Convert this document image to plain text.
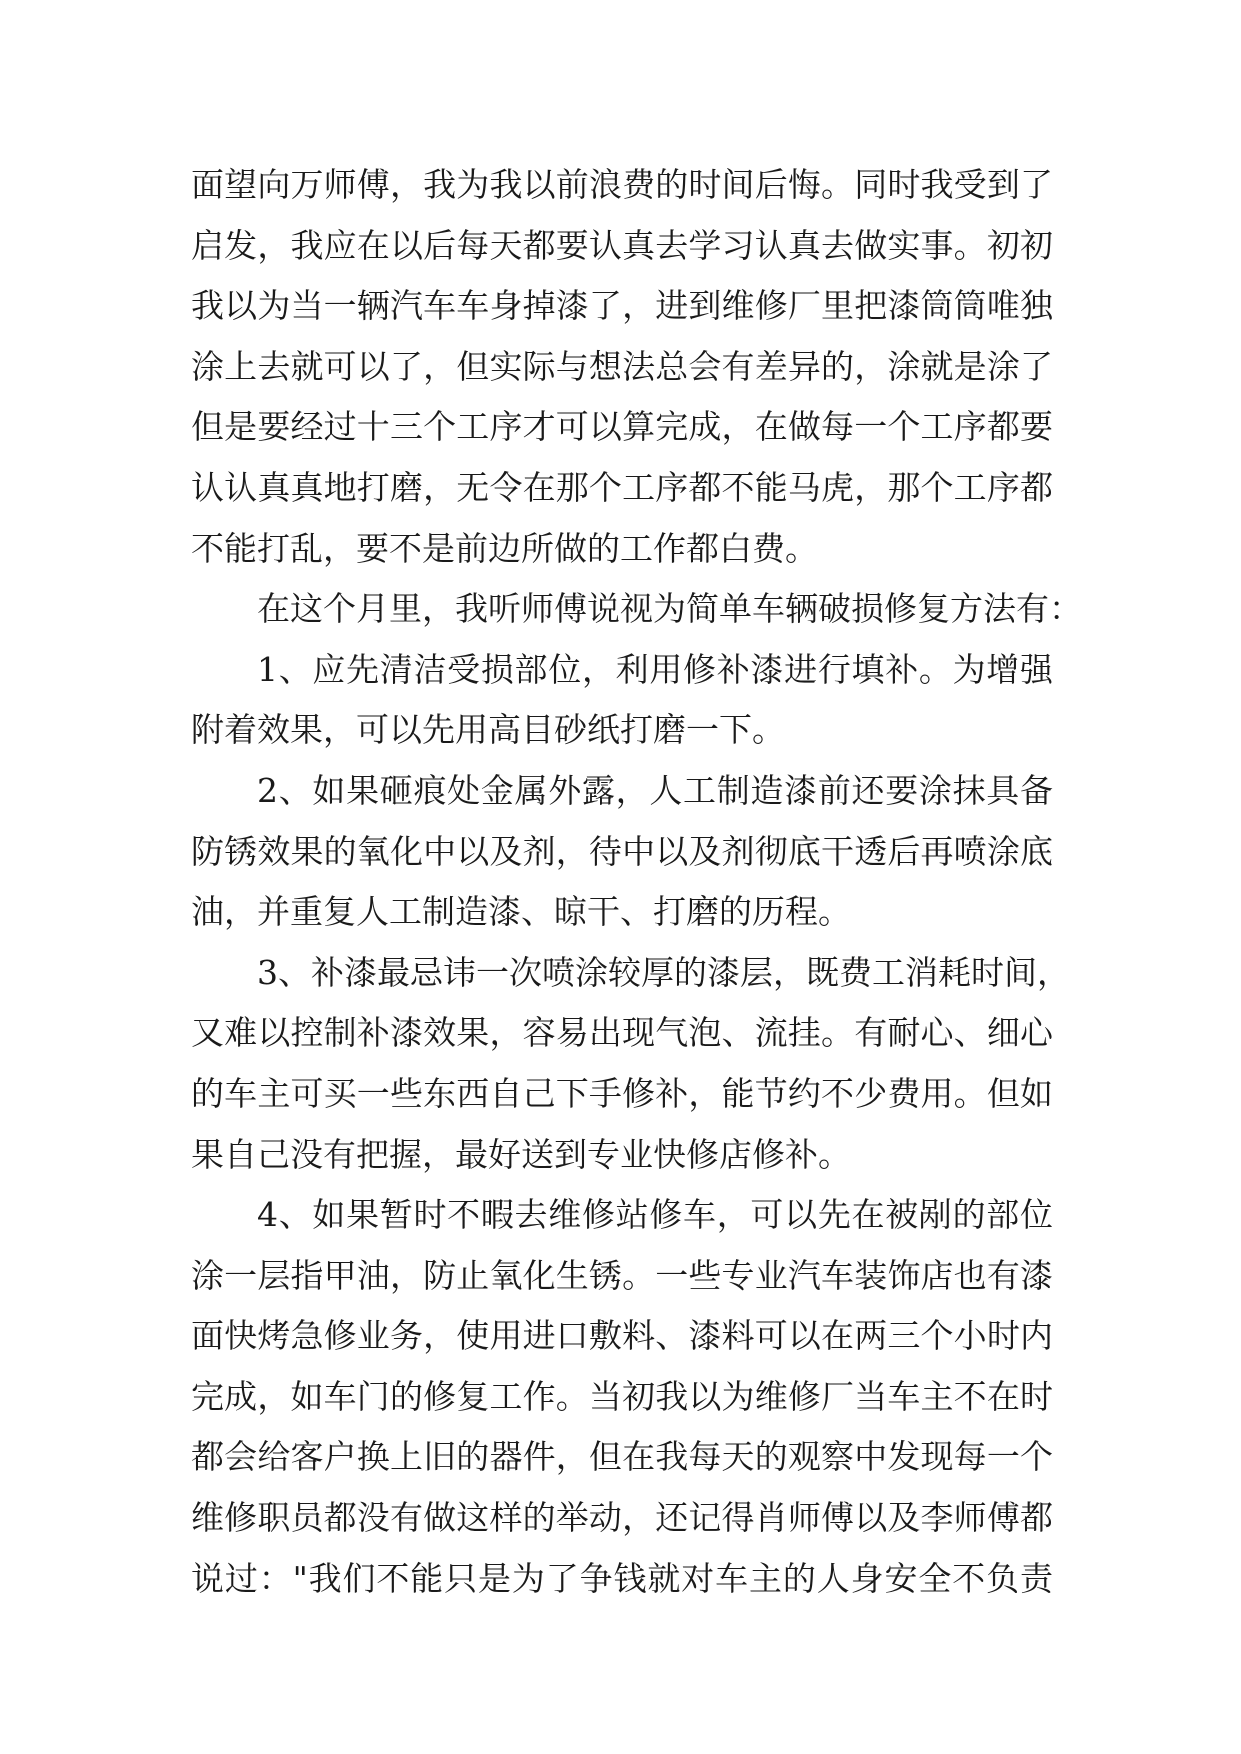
面望向万师傅，我为我以前浪费的时间后悔。同时我受到了
启发，我应在以后每天都要认真去学习认真去做实事。初初
我以为当一辆汽车车身掉漆了，进到维修厂里把漆筒筒唯独
涂上去就可以了，但实际与想法总会有差异的，涂就是涂了
但是要经过十三个工序才可以算完成，在做每一个工序都要
认认真真地打磨，无令在那个工序都不能马虎，那个工序都
不能打乱，要不是前边所做的工作都白费。
在这个月里，我听师傅说视为简单车辆破损修复方法有：
1、应先清洁受损部位，利用修补漆进行填补。为增强
附着效果，可以先用高目砂纸打磨一下。
2、如果砸痕处金属外露，人工制造漆前还要涂抹具备
防锈效果的氧化中以及剂，待中以及剂彻底干透后再喷涂底
油，并重复人工制造漆、晾干、打磨的历程。
3、补漆最忌讳一次喷涂较厚的漆层，既费工消耗时间，
又难以控制补漆效果，容易出现气泡、流挂。有耐心、细心
的车主可买一些东西自己下手修补，能节约不少费用。但如
果自己没有把握，最好送到专业快修店修补。
4、如果暂时不暇去维修站修车，可以先在被剐的部位
涂一层指甲油，防止氧化生锈。一些专业汽车装饰店也有漆
面快烤急修业务，使用进口敷料、漆料可以在两三个小时内
完成，如车门的修复工作。当初我以为维修厂当车主不在时
都会给客户换上旧的器件，但在我每天的观察中发现每一个
维修职员都没有做这样的举动，还记得肖师傅以及李师傅都
说过："我们不能只是为了争钱就对车主的人身安全不负责
